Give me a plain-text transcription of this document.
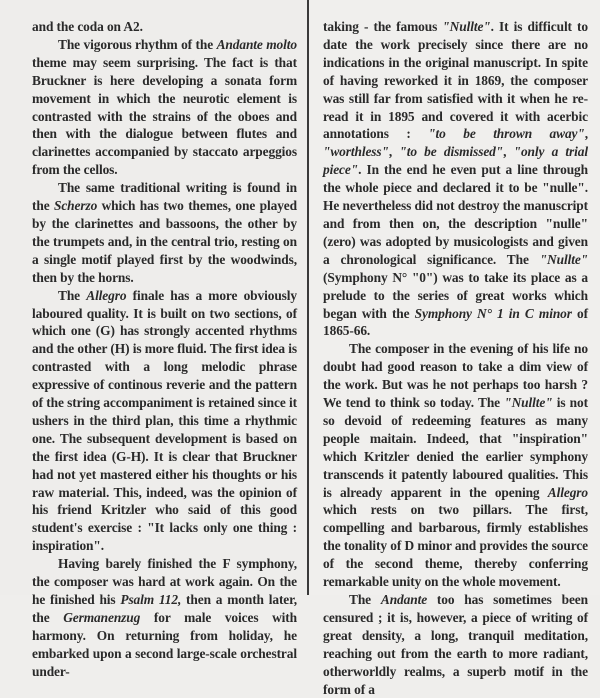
and the coda on A2.

The vigorous rhythm of the Andante molto theme may seem surprising. The fact is that Bruckner is here developing a sonata form movement in which the neurotic element is contrasted with the strains of the oboes and then with the dialogue between flutes and clarinettes accompanied by staccato arpeggios from the cellos.

The same traditional writing is found in the Scherzo which has two themes, one played by the clarinettes and bassoons, the other by the trumpets and, in the central trio, resting on a single motif played first by the woodwinds, then by the horns.

The Allegro finale has a more obviously laboured quality. It is built on two sections, of which one (G) has strongly accented rhythms and the other (H) is more fluid. The first idea is contrasted with a long melodic phrase expressive of continous reverie and the pattern of the string accompaniment is retained since it ushers in the third plan, this time a rhythmic one. The subsequent development is based on the first idea (G-H). It is clear that Bruckner had not yet mastered either his thoughts or his raw material. This, indeed, was the opinion of his friend Kritzler who said of this good student's exercise : "It lacks only one thing : inspiration".

Having barely finished the F symphony, the composer was hard at work again. On the he finished his Psalm 112, then a month later, the Germanenzug for male voices with harmony. On returning from holiday, he embarked upon a second large-scale orchestral under-

taking - the famous "Nullte". It is difficult to date the work precisely since there are no indications in the original manuscript. In spite of having reworked it in 1869, the composer was still far from satisfied with it when he re-read it in 1895 and covered it with acerbic annotations : "to be thrown away", "worthless", "to be dismissed", "only a trial piece". In the end he even put a line through the whole piece and declared it to be "nulle". He nevertheless did not destroy the manuscript and from then on, the description "nulle" (zero) was adopted by musicologists and given a chronological significance. The "Nullte" (Symphony N° "0") was to take its place as a prelude to the series of great works which began with the Symphony N° 1 in C minor of 1865-66.

The composer in the evening of his life no doubt had good reason to take a dim view of the work. But was he not perhaps too harsh ? We tend to think so today. The "Nullte" is not so devoid of redeeming features as many people maitain. Indeed, that "inspiration" which Kritzler denied the earlier symphony transcends it patently laboured qualities. This is already apparent in the opening Allegro which rests on two pillars. The first, compelling and barbarous, firmly establishes the tonality of D minor and provides the source of the second theme, thereby conferring remarkable unity on the whole movement.

The Andante too has sometimes been censured ; it is, however, a piece of writing of great density, a long, tranquil meditation, reaching out from the earth to more radiant, otherworldly realms, a superb motif in the form of a
